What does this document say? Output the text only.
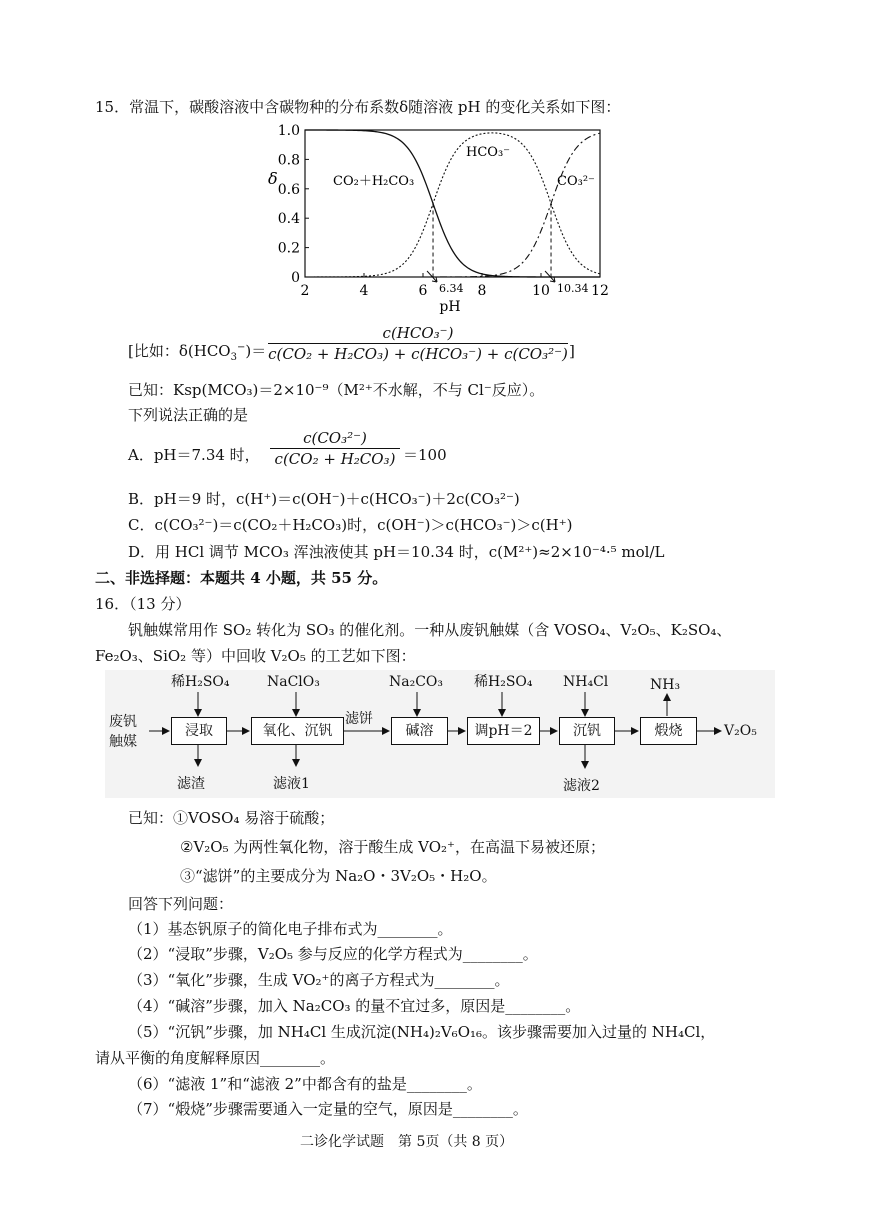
15．常温下，碳酸溶液中含碳物种的分布系数δ随溶液 pH 的变化关系如下图：
δ
0
0.2
0.4
0.6
0.8
1.0
2	4	6	8	10	12
6.34	10.34
CO₂＋H₂CO₃
HCO₃⁻
CO₃²⁻
pH
[比如：$\delta(HCO_3^-)=$
c(HCO₃⁻)
c(CO₂ + H₂CO₃) + c(HCO₃⁻) + c(CO₃²⁻) ]
已知：Ksp(MCO₃)＝2×10⁻⁹（M²⁺不水解，不与 Cl⁻反应）。
下列说法正确的是
A．pH＝7.34 时，
c(CO₃²⁻)
c(CO₂ + H₂CO₃) ＝100
B．pH＝9 时，c(H⁺)＝c(OH⁻)＋c(HCO₃⁻)＋2c(CO₃²⁻)
C．c(CO₃²⁻)＝c(CO₂＋H₂CO₃)时，c(OH⁻)＞c(HCO₃⁻)＞c(H⁺)
D．用 HCl 调节 MCO₃ 浑浊液使其 pH＝10.34 时，c(M²⁺)≈2×10⁻⁴·⁵ mol/L
二、非选择题：本题共 4 小题，共 55 分。
16．（13 分）
钒触媒常用作 SO₂ 转化为 SO₃ 的催化剂。一种从废钒触媒（含 VOSO₄、V₂O₅、K₂SO₄、
Fe₂O₃、SiO₂ 等）中回收 V₂O₅ 的工艺如下图：
废钒
触媒
浸取	氧化、沉钒	碱溶	调pH＝2	沉钒	煅烧
稀H₂SO₄	NaClO₃	Na₂CO₃ 稀H₂SO₄ NH₄Cl	NH₃
滤饼
V₂O₅
滤渣	滤液1	滤液2
已知：①VOSO₄ 易溶于硫酸；
②V₂O₅ 为两性氧化物，溶于酸生成 VO₂⁺，在高温下易被还原；
③“滤饼”的主要成分为 Na₂O・3V₂O₅・H₂O。
回答下列问题：
（1）基态钒原子的简化电子排布式为________。
（2）“浸取”步骤，V₂O₅ 参与反应的化学方程式为________。
（3）“氧化”步骤，生成 VO₂⁺的离子方程式为________。
（4）“碱溶”步骤，加入 Na₂CO₃ 的量不宜过多，原因是________。
（5）“沉钒”步骤，加 NH₄Cl 生成沉淀(NH₄)₂V₆O₁₆。该步骤需要加入过量的 NH₄Cl，
请从平衡的角度解释原因________。
（6）“滤液 1”和“滤液 2”中都含有的盐是________。
（7）“煅烧”步骤需要通入一定量的空气，原因是________。
二诊化学试题　第 5页（共 8 页）
